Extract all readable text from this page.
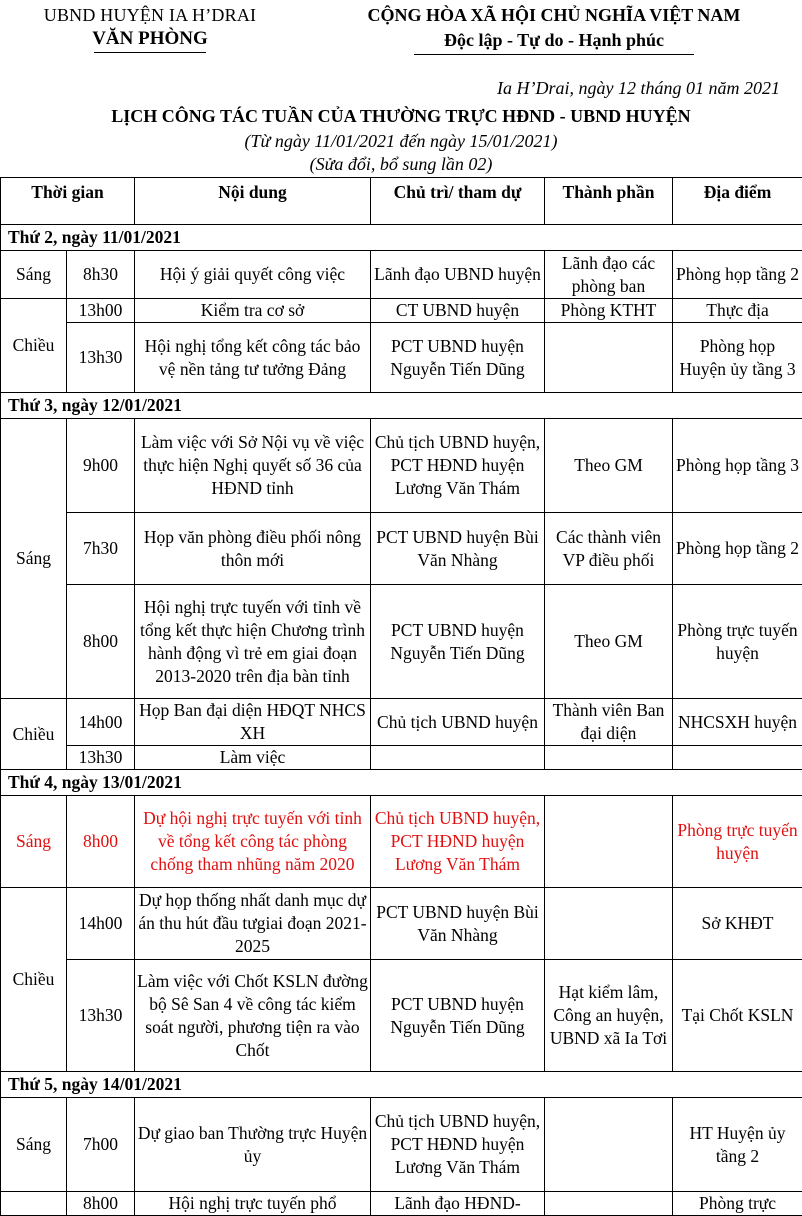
UBND HUYỆN IA H’DRAI
VĂN PHÒNG
CỘNG HÒA XÃ HỘI CHỦ NGHĨA VIỆT NAM
Độc lập - Tự do - Hạnh phúc
Ia H’Drai, ngày 12 tháng 01 năm 2021
LỊCH CÔNG TÁC TUẦN CỦA THƯỜNG TRỰC HĐND - UBND HUYỆN
(Từ ngày 11/01/2021 đến ngày 15/01/2021)
(Sửa đổi, bổ sung lần 02)
Thời gian		Nội dung	Chủ trì/ tham dự	Thành phần	Địa điểm
Thứ 2, ngày 11/01/2021					
Sáng	8h30	Hội ý giải quyết công việc	Lãnh đạo UBND huyện	Lãnh đạo các phòng ban	Phòng họp tầng 2
Chiều	13h00	Kiểm tra cơ sở	CT UBND huyện	Phòng KTHT	Thực địa
	13h30	Hội nghị tổng kết công tác bảo vệ nền tảng tư tưởng Đảng	PCT UBND huyện Nguyễn Tiến Dũng		Phòng họp Huyện ủy tầng 3
Thứ 3, ngày 12/01/2021					
Sáng	9h00	Làm việc với Sở Nội vụ về việc thực hiện Nghị quyết số 36 của HĐND tỉnh	Chủ tịch UBND huyện, PCT HĐND huyện Lương Văn Thám	Theo GM	Phòng họp tầng 3
	7h30	Họp văn phòng điều phối nông thôn mới	PCT UBND huyện Bùi Văn Nhàng	Các thành viên VP điều phối	Phòng họp tầng 2
	8h00	Hội nghị trực tuyến với tỉnh về tổng kết thực hiện Chương trình hành động vì trẻ em giai đoạn 2013-2020 trên địa bàn tỉnh	PCT UBND huyện Nguyễn Tiến Dũng	Theo GM	Phòng trực tuyến huyện
Chiều	14h00	Họp Ban đại diện HĐQT NHCS XH	Chủ tịch UBND huyện	Thành viên Ban đại diện	NHCSXH huyện
	13h30	Làm việc			
Thứ 4, ngày 13/01/2021					
Sáng	8h00	Dự hội nghị trực tuyến với tỉnh về tổng kết công tác phòng chống tham nhũng năm 2020	Chủ tịch UBND huyện, PCT HĐND huyện Lương Văn Thám		Phòng trực tuyến huyện
Chiều	14h00	Dự họp thống nhất danh mục dự án thu hút đầu tưgiai đoạn 2021-2025	PCT UBND huyện Bùi Văn Nhàng		Sở KHĐT
	13h30	Làm việc với Chốt KSLN đường bộ Sê San 4 về công tác kiểm soát người, phương tiện ra vào Chốt	PCT UBND huyện Nguyễn Tiến Dũng	Hạt kiểm lâm, Công an huyện, UBND xã Ia Tơi	Tại Chốt KSLN
Thứ 5, ngày 14/01/2021					
Sáng	7h00	Dự giao ban Thường trực Huyện ủy	Chủ tịch UBND huyện, PCT HĐND huyện Lương Văn Thám		HT Huyện ủy tầng 2
	8h00	Hội nghị trực tuyến phổ	Lãnh đạo HĐND-		Phòng trực
